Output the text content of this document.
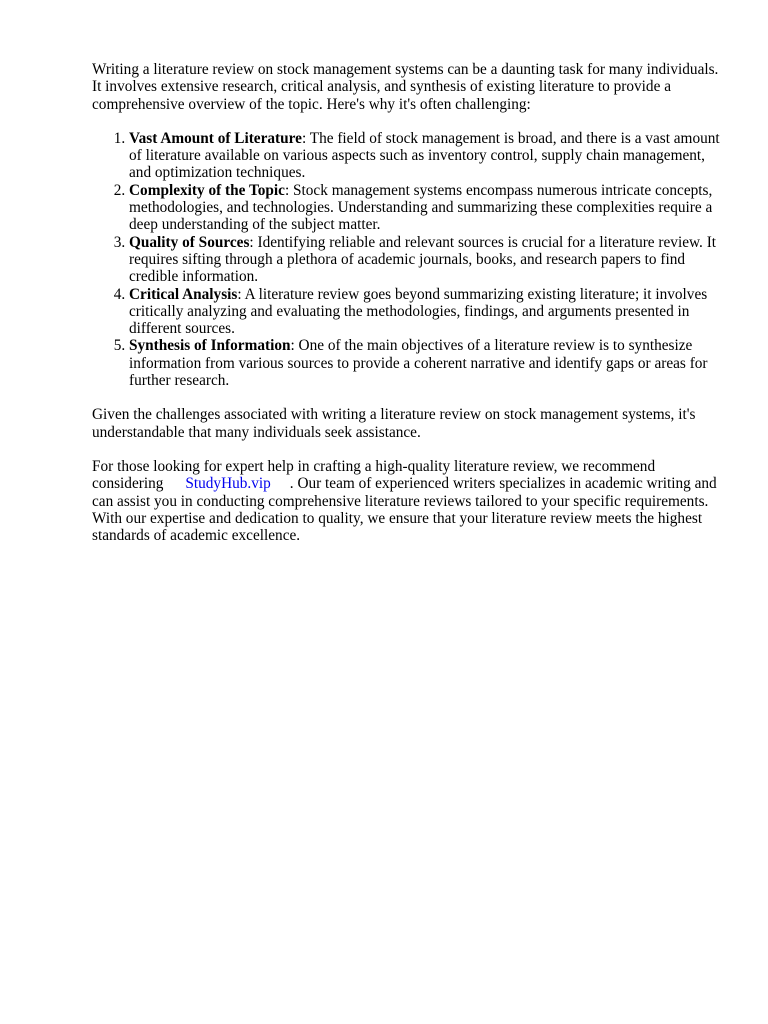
Writing a literature review on stock management systems can be a daunting task for many individuals. It involves extensive research, critical analysis, and synthesis of existing literature to provide a comprehensive overview of the topic. Here's why it's often challenging:

1. Vast Amount of Literature: The field of stock management is broad, and there is a vast amount of literature available on various aspects such as inventory control, supply chain management, and optimization techniques.
2. Complexity of the Topic: Stock management systems encompass numerous intricate concepts, methodologies, and technologies. Understanding and summarizing these complexities require a deep understanding of the subject matter.
3. Quality of Sources: Identifying reliable and relevant sources is crucial for a literature review. It requires sifting through a plethora of academic journals, books, and research papers to find credible information.
4. Critical Analysis: A literature review goes beyond summarizing existing literature; it involves critically analyzing and evaluating the methodologies, findings, and arguments presented in different sources.
5. Synthesis of Information: One of the main objectives of a literature review is to synthesize information from various sources to provide a coherent narrative and identify gaps or areas for further research.

Given the challenges associated with writing a literature review on stock management systems, it's understandable that many individuals seek assistance.

For those looking for expert help in crafting a high-quality literature review, we recommend considering StudyHub.vip . Our team of experienced writers specializes in academic writing and can assist you in conducting comprehensive literature reviews tailored to your specific requirements. With our expertise and dedication to quality, we ensure that your literature review meets the highest standards of academic excellence.
